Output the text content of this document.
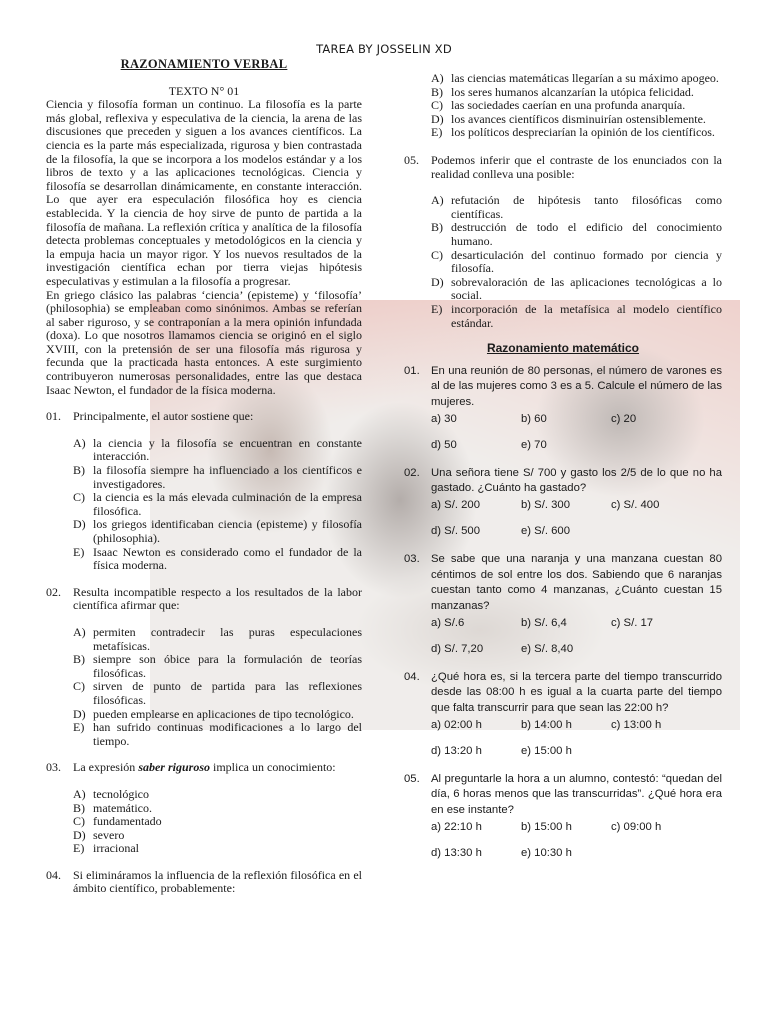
TAREA BY JOSSELIN XD
RAZONAMIENTO VERBAL
TEXTO N° 01

Ciencia y filosofía forman un continuo. La filosofía es la parte más global, reflexiva y especulativa de la ciencia, la arena de las discusiones que preceden y siguen a los avances científicos. La ciencia es la parte más especializada, rigurosa y bien contrastada de la filosofía, la que se incorpora a los modelos estándar y a los libros de texto y a las aplicaciones tecnológicas. Ciencia y filosofía se desarrollan dinámicamente, en constante interacción. Lo que ayer era especulación filosófica hoy es ciencia establecida. Y la ciencia de hoy sirve de punto de partida a la filosofía de mañana. La reflexión crítica y analítica de la filosofía detecta problemas conceptuales y metodológicos en la ciencia y la empuja hacia un mayor rigor. Y los nuevos resultados de la investigación científica echan por tierra viejas hipótesis especulativas y estimulan a la filosofía a progresar.

En griego clásico las palabras ‘ciencia’ (episteme) y ‘filosofía’ (philosophia) se empleaban como sinónimos. Ambas se referían al saber riguroso, y se contraponían a la mera opinión infundada (doxa). Lo que nosotros llamamos ciencia se originó en el siglo XVIII, con la pretensión de ser una filosofía más rigurosa y fecunda que la practicada hasta entonces. A este surgimiento contribuyeron numerosas personalidades, entre las que destaca Isaac Newton, el fundador de la física moderna.

01.	Principalmente, el autor sostiene que:
A) la ciencia y la filosofía se encuentran en constante interacción.
B) la filosofía siempre ha influenciado a los científicos e investigadores.
C) la ciencia es la más elevada culminación de la empresa filosófica.
D) los griegos identificaban ciencia (episteme) y filosofía (philosophia).
E) Isaac Newton es considerado como el fundador de la física moderna.
02.	Resulta incompatible respecto a los resultados de la labor científica afirmar que:
A) permiten contradecir las puras especulaciones metafísicas.
B) siempre son óbice para la formulación de teorías filosóficas.
C) sirven de punto de partida para las reflexiones filosóficas.
D) pueden emplearse en aplicaciones de tipo tecnológico.
E) han sufrido continuas modificaciones a lo largo del tiempo.
03.	La expresión saber riguroso implica un conocimiento:
A) tecnológico
B) matemático.
C) fundamentado
D) severo
E) irracional
04.	Si elimináramos la influencia de la reflexión filosófica en el ámbito científico, probablemente:
A) las ciencias matemáticas llegarían a su máximo apogeo.
B) los seres humanos alcanzarían la utópica felicidad.
C) las sociedades caerían en una profunda anarquía.
D) los avances científicos disminuirían ostensiblemente.
E) los políticos despreciarían la opinión de los científicos.
05.	Podemos inferir que el contraste de los enunciados con la realidad conlleva una posible:
A) refutación de hipótesis tanto filosóficas como científicas.
B) destrucción de todo el edificio del conocimiento humano.
C) desarticulación del continuo formado por ciencia y filosofía.
D) sobrevaloración de las aplicaciones tecnológicas a lo social.
E) incorporación de la metafísica al modelo científico estándar.
Razonamiento matemático
01. En una reunión de 80 personas, el número de varones es al de las mujeres como 3 es a 5. Calcule el número de las mujeres.
a) 30	b) 60	c) 20
d) 50	e) 70
02. Una señora tiene S/ 700 y gasto los 2/5 de lo que no ha gastado. ¿Cuánto ha gastado?
a) S/. 200	b) S/. 300	c) S/. 400
d) S/. 500	e) S/. 600
03. Se sabe que una naranja y una manzana cuestan 80 céntimos de sol entre los dos. Sabiendo que 6 naranjas cuestan tanto como 4 manzanas, ¿Cuánto cuestan 15 manzanas?
a) S/.6	b) S/. 6,4	c) S/. 17
d) S/. 7,20	e) S/. 8,40
04. ¿Qué hora es, si la tercera parte del tiempo transcurrido desde las 08:00 h es igual a la cuarta parte del tiempo que falta transcurrir para que sean las 22:00 h?
a) 02:00 h	b) 14:00 h	c) 13:00 h
d) 13:20 h	e) 15:00 h
05. Al preguntarle la hora a un alumno, contestó: “quedan del día, 6 horas menos que las transcurridas”. ¿Qué hora era en ese instante?
a) 22:10 h	b) 15:00 h	c) 09:00 h
d) 13:30 h	e) 10:30 h
